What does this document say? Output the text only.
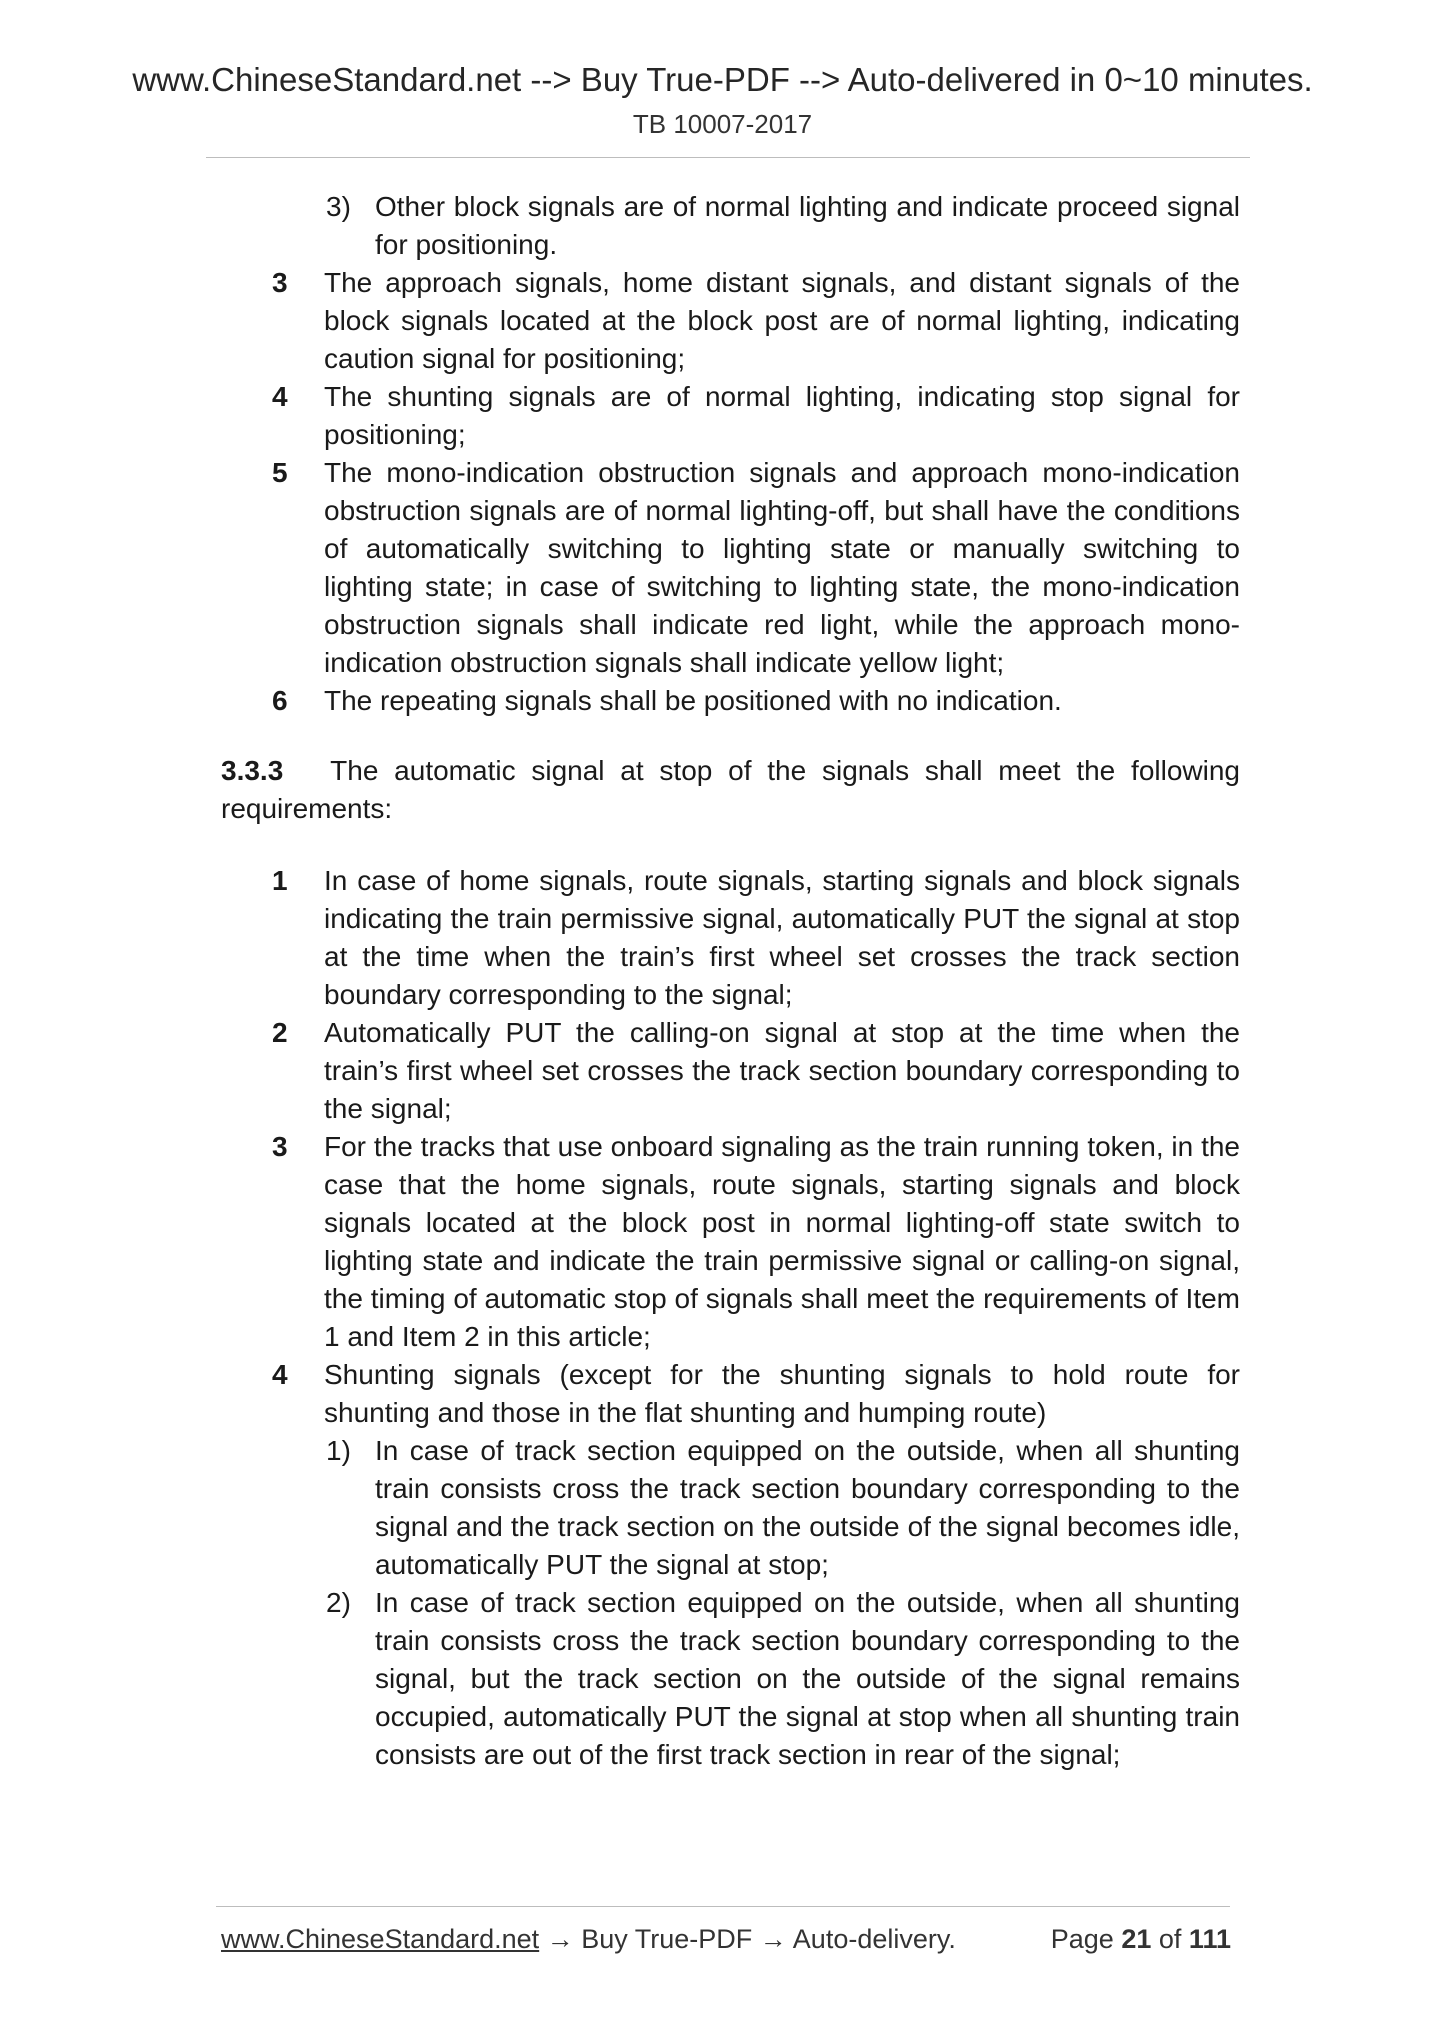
www.ChineseStandard.net --> Buy True-PDF --> Auto-delivered in 0~10 minutes.
TB 10007-2017
3) Other block signals are of normal lighting and indicate proceed signal for positioning.
3 The approach signals, home distant signals, and distant signals of the block signals located at the block post are of normal lighting, indicating caution signal for positioning;
4 The shunting signals are of normal lighting, indicating stop signal for positioning;
5 The mono-indication obstruction signals and approach mono-indication obstruction signals are of normal lighting-off, but shall have the conditions of automatically switching to lighting state or manually switching to lighting state; in case of switching to lighting state, the mono-indication obstruction signals shall indicate red light, while the approach mono-indication obstruction signals shall indicate yellow light;
6 The repeating signals shall be positioned with no indication.
3.3.3 The automatic signal at stop of the signals shall meet the following requirements:
1 In case of home signals, route signals, starting signals and block signals indicating the train permissive signal, automatically PUT the signal at stop at the time when the train’s first wheel set crosses the track section boundary corresponding to the signal;
2 Automatically PUT the calling-on signal at stop at the time when the train’s first wheel set crosses the track section boundary corresponding to the signal;
3 For the tracks that use onboard signaling as the train running token, in the case that the home signals, route signals, starting signals and block signals located at the block post in normal lighting-off state switch to lighting state and indicate the train permissive signal or calling-on signal, the timing of automatic stop of signals shall meet the requirements of Item 1 and Item 2 in this article;
4 Shunting signals (except for the shunting signals to hold route for shunting and those in the flat shunting and humping route)
1) In case of track section equipped on the outside, when all shunting train consists cross the track section boundary corresponding to the signal and the track section on the outside of the signal becomes idle, automatically PUT the signal at stop;
2) In case of track section equipped on the outside, when all shunting train consists cross the track section boundary corresponding to the signal, but the track section on the outside of the signal remains occupied, automatically PUT the signal at stop when all shunting train consists are out of the first track section in rear of the signal;
www.ChineseStandard.net → Buy True-PDF → Auto-delivery.	Page 21 of 111
